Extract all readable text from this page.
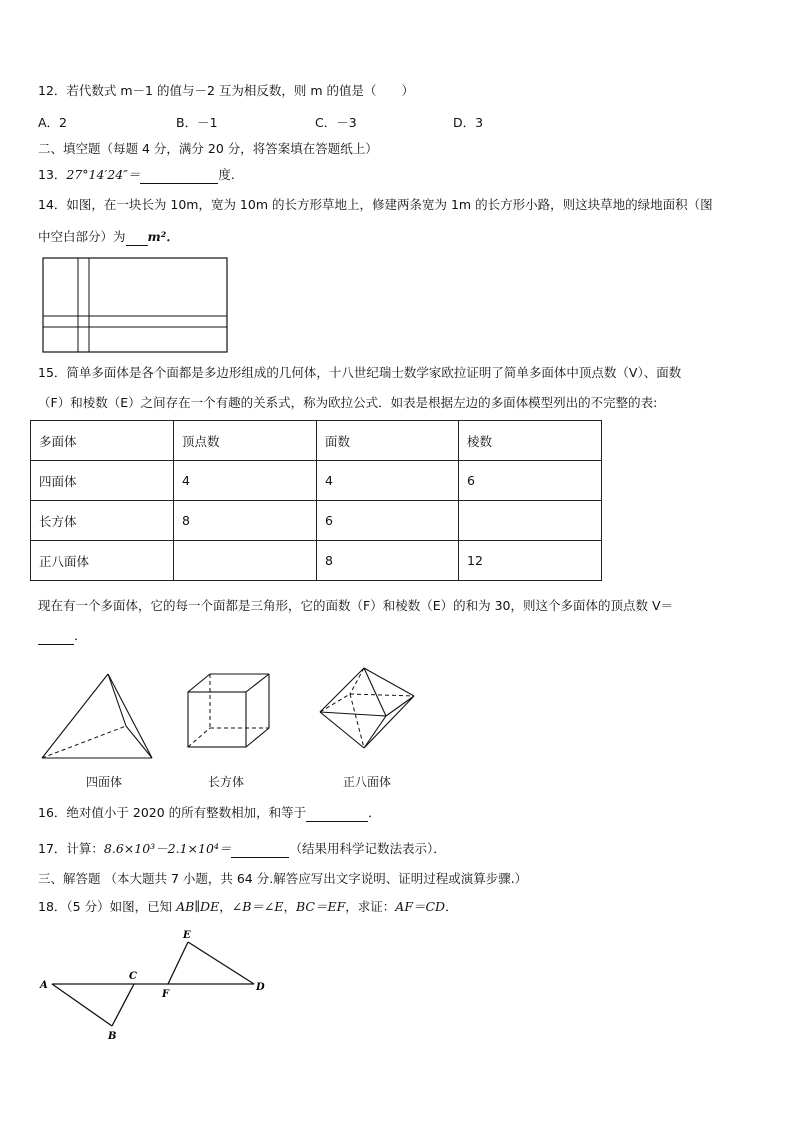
12．若代数式 m－1 的值与－2 互为相反数，则 m 的值是（　　）
A．2	B．－1	C．－3	D．3
二、填空题（每题 4 分，满分 20 分，将答案填在答题纸上）
13．27°14′24″＝	度.
14．如图，在一块长为 10m，宽为 10m 的长方形草地上，修建两条宽为 1m 的长方形小路，则这块草地的绿地面积（图
中空白部分）为 m²．
15．简单多面体是各个面都是多边形组成的几何体，十八世纪瑞士数学家欧拉证明了简单多面体中顶点数（V）、面数
（F）和棱数（E）之间存在一个有趣的关系式，称为欧拉公式．如表是根据左边的多面体模型列出的不完整的表:
多面体	顶点数	面数	棱数
四面体	4	4	6
长方体	8	6	
正八面体		8	12
现在有一个多面体，它的每一个面都是三角形，它的面数（F）和棱数（E）的和为 30，则这个多面体的顶点数 V＝
．
四面体	长方体	正八面体
16．绝对值小于 2020 的所有整数相加，和等于	．
17．计算：8.6×10³－2.1×10⁴＝	（结果用科学记数法表示）．
三、解答题 （本大题共 7 小题，共 64 分.解答应写出文字说明、证明过程或演算步骤.）
18．（5 分）如图，已知 AB∥DE，∠B＝∠E，BC＝EF，求证：AF＝CD．
A
B
C
D
E
F
